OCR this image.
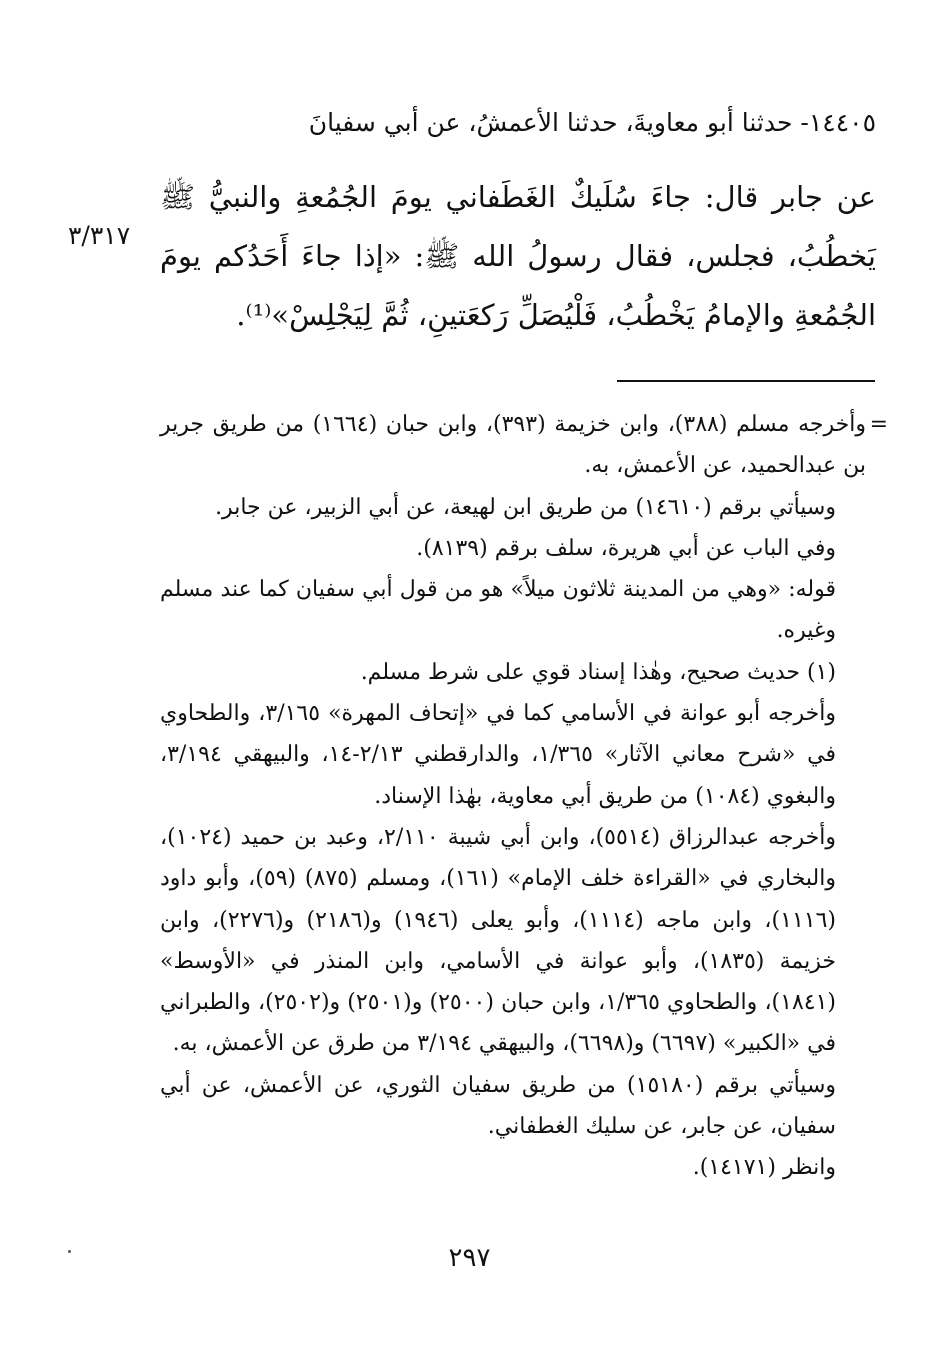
١٤٤٠٥- حدثنا أبو معاويةَ، حدثنا الأعمشُ، عن أبي سفيانَ
عن جابر قال: جاءَ سُلَيكٌ الغَطَفاني يومَ الجُمُعةِ والنبيُّ ﷺ يَخطُبُ، فجلس، فقال رسولُ الله ﷺ: «إذا جاءَ أَحَدُكم يومَ الجُمُعةِ والإمامُ يَخْطُبُ، فَلْيُصَلِّ رَكعَتينِ، ثُمَّ لِيَجْلِسْ»⁽¹⁾.
٣/٣١٧

=
وأخرجه مسلم (٣٨٨)، وابن خزيمة (٣٩٣)، وابن حبان (١٦٦٤) من طريق جرير بن عبدالحميد، عن الأعمش، به.

وسيأتي برقم (١٤٦١٠) من طريق ابن لهيعة، عن أبي الزبير، عن جابر.

وفي الباب عن أبي هريرة، سلف برقم (٨١٣٩).

قوله: «وهي من المدينة ثلاثون ميلاً» هو من قول أبي سفيان كما عند مسلم وغيره.

(١) حديث صحيح، وهٰذا إسناد قوي على شرط مسلم.

وأخرجه أبو عوانة في الأسامي كما في «إتحاف المهرة» ٣/١٦٥، والطحاوي في «شرح معاني الآثار» ١/٣٦٥، والدارقطني ٢/١٣-١٤، والبيهقي ٣/١٩٤، والبغوي (١٠٨٤) من طريق أبي معاوية، بهٰذا الإسناد.

وأخرجه عبدالرزاق (٥٥١٤)، وابن أبي شيبة ٢/١١٠، وعبد بن حميد (١٠٢٤)، والبخاري في «القراءة خلف الإمام» (١٦١)، ومسلم (٨٧٥) (٥٩)، وأبو داود (١١١٦)، وابن ماجه (١١١٤)، وأبو يعلى (١٩٤٦) و(٢١٨٦) و(٢٢٧٦)، وابن خزيمة (١٨٣٥)، وأبو عوانة في الأسامي، وابن المنذر في «الأوسط» (١٨٤١)، والطحاوي ١/٣٦٥، وابن حبان (٢٥٠٠) و(٢٥٠١) و(٢٥٠٢)، والطبراني في «الكبير» (٦٦٩٧) و(٦٦٩٨)، والبيهقي ٣/١٩٤ من طرق عن الأعمش، به.

وسيأتي برقم (١٥١٨٠) من طريق سفيان الثوري، عن الأعمش، عن أبي سفيان، عن جابر، عن سليك الغطفاني.

وانظر (١٤١٧١).

٢٩٧
